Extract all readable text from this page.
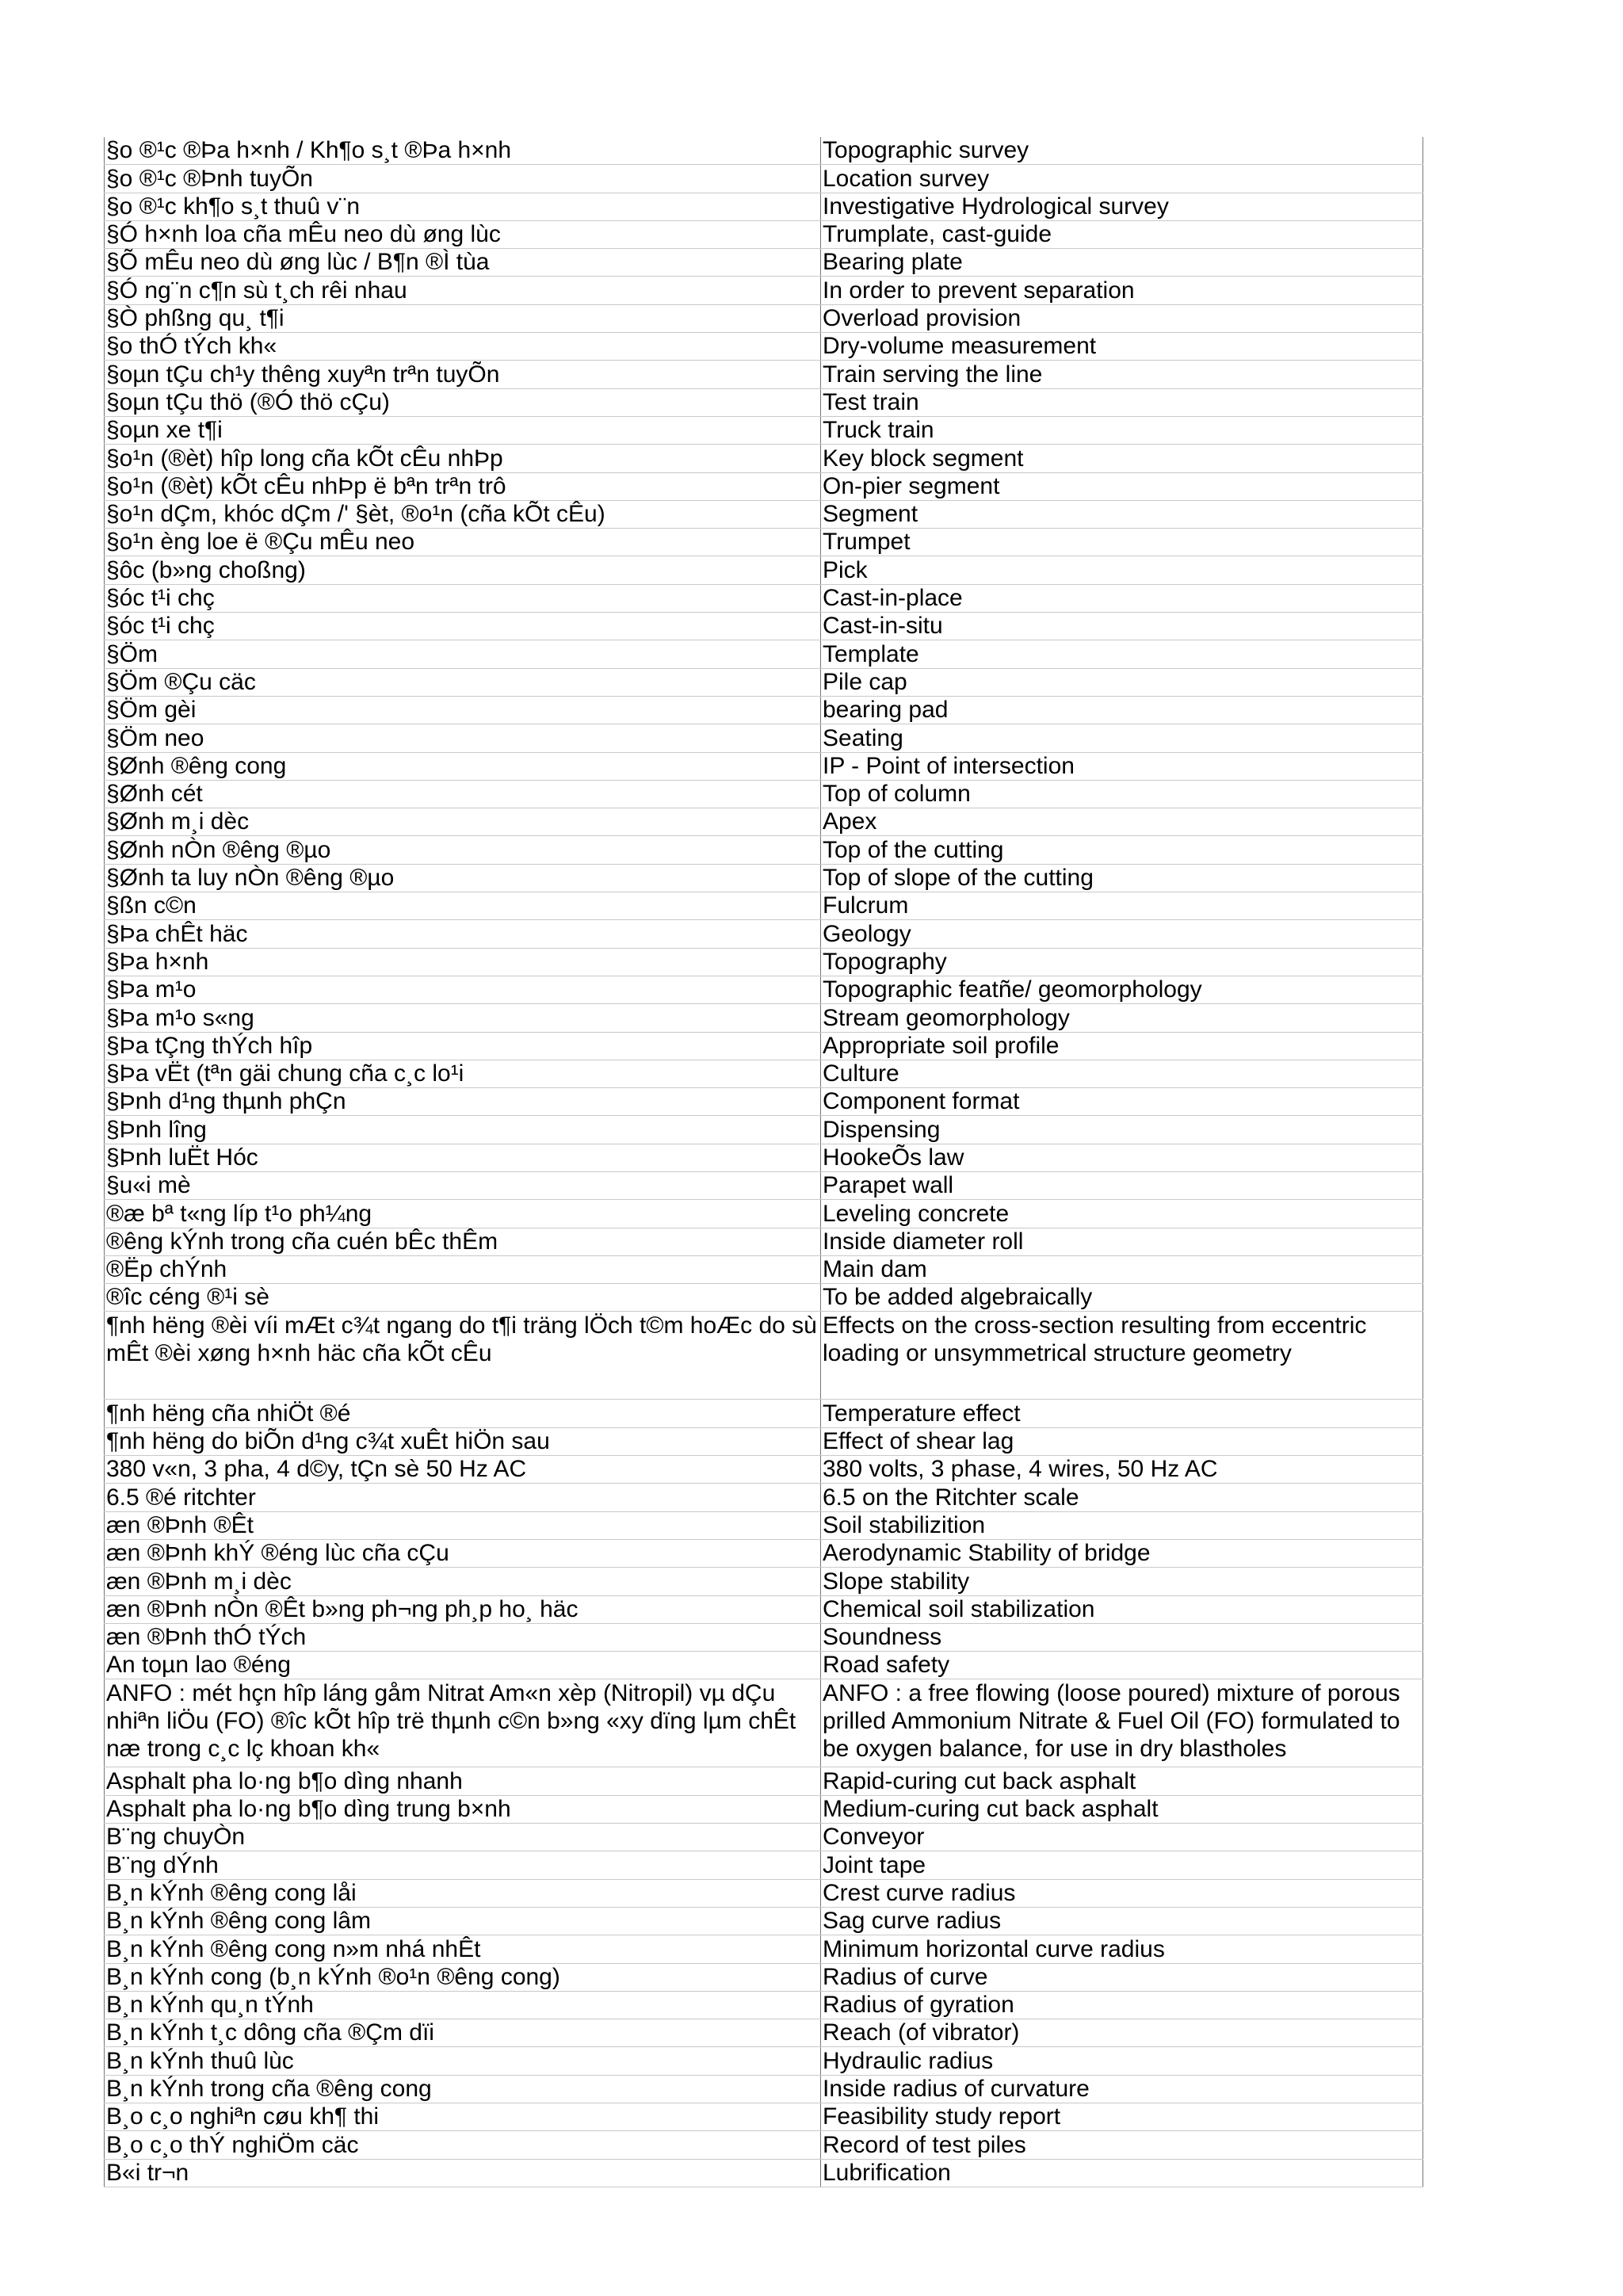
§o ®¹c ®Þa h×nh / Kh¶o s¸t ®Þa h×nh	Topographic survey
§o ®¹c ®Þnh tuyÕn	Location survey
§o ®¹c kh¶o s¸t thuû v¨n	Investigative Hydrological survey
§Ó h×nh loa cña mÊu neo dù øng lùc	Trumplate, cast-guide
§Õ mÊu neo dù øng lùc / B¶n ®Ì tùa	Bearing plate
§Ó ng¨n c¶n sù t¸ch rêi nhau	In order to prevent separation
§Ò phßng qu¸ t¶i	Overload provision
§o thÓ tÝch kh«	Dry-volume measurement
§oµn tÇu ch¹y thêng xuyªn trªn tuyÕn	Train serving the line
§oµn tÇu thö (®Ó thö cÇu)	Test train
§oµn xe t¶i	Truck train
§o¹n (®èt) hîp long cña kÕt cÊu nhÞp	Key block segment
§o¹n (®èt) kÕt cÊu nhÞp ë bªn trªn trô	On-pier segment
§o¹n dÇm, khóc dÇm /' §èt, ®o¹n (cña kÕt cÊu)	Segment
§o¹n èng loe ë ®Çu mÊu neo	Trumpet
§ôc (b»ng choßng)	Pick
§óc t¹i chç	Cast-in-place
§óc t¹i chç	Cast-in-situ
§Öm	Template
§Öm ®Çu cäc	Pile cap
§Öm gèi	bearing pad
§Öm neo	Seating
§Ønh ®êng cong	IP - Point of intersection
§Ønh cét	Top of column
§Ønh m¸i dèc	Apex
§Ønh nÒn ®êng ®µo	Top of the cutting
§Ønh ta luy nÒn ®êng ®µo	Top of slope of the cutting
§ßn c©n	Fulcrum
§Þa chÊt häc	Geology
§Þa h×nh	Topography
§Þa m¹o	Topographic featñe/ geomorphology
§Þa m¹o s«ng	Stream geomorphology
§Þa tÇng thÝch hîp	Appropriate soil profile
§Þa vËt (tªn gäi chung cña c¸c lo¹i	Culture
§Þnh d¹ng thµnh phÇn	Component format
§Þnh lîng	Dispensing
§Þnh luËt Hóc	HookeÕs law
§u«i mè	Parapet wall
®æ bª t«ng líp t¹o ph¼ng	Leveling concrete
®êng kÝnh trong cña cuén bÊc thÊm	Inside diameter roll
®Ëp chÝnh	Main dam
®îc céng ®¹i sè	To be added algebraically
¶nh hëng ®èi víi mÆt c¾t ngang do t¶i träng lÖch t©m hoÆc do sù mÊt ®èi xøng h×nh häc cña kÕt cÊu	Effects on the cross-section resulting from eccentric loading or unsymmetrical structure geometry
¶nh hëng cña nhiÖt ®é	Temperature effect
¶nh hëng do biÕn d¹ng c¾t xuÊt hiÖn sau	Effect of shear lag
380 v«n, 3 pha, 4 d©y, tÇn sè 50 Hz AC	380 volts, 3 phase, 4 wires, 50 Hz AC
6.5 ®é ritchter	6.5 on the Ritchter scale
æn ®Þnh ®Êt	Soil stabilizition
æn ®Þnh khÝ ®éng lùc cña cÇu	Aerodynamic Stability of bridge
æn ®Þnh m¸i dèc	Slope stability
æn ®Þnh nÒn ®Êt b»ng ph¬ng ph¸p ho¸ häc	Chemical soil stabilization
æn ®Þnh thÓ tÝch	Soundness
An toµn lao ®éng	Road safety
ANFO : mét hçn hîp láng gåm Nitrat Am«n xèp (Nitropil) vµ dÇu nhiªn liÖu (FO) ®îc kÕt hîp trë thµnh c©n b»ng «xy dïng lµm chÊt næ trong c¸c lç khoan kh«	ANFO : a free flowing (loose poured) mixture of porous prilled Ammonium Nitrate & Fuel Oil (FO) formulated to be oxygen balance, for use in dry blastholes
Asphalt pha lo·ng b¶o dìng nhanh	Rapid-curing cut back asphalt
Asphalt pha lo·ng b¶o dìng trung b×nh	Medium-curing cut back asphalt
B¨ng chuyÒn	Conveyor
B¨ng dÝnh	Joint tape
B¸n kÝnh ®êng cong låi	Crest curve radius
B¸n kÝnh ®êng cong lâm	Sag curve radius
B¸n kÝnh ®êng cong n»m nhá nhÊt	Minimum horizontal curve radius
B¸n kÝnh cong (b¸n kÝnh ®o¹n ®êng cong)	Radius of curve
B¸n kÝnh qu¸n tÝnh	Radius of gyration
B¸n kÝnh t¸c dông cña ®Çm dïi	Reach (of vibrator)
B¸n kÝnh thuû lùc	Hydraulic radius
B¸n kÝnh trong cña ®êng cong	Inside radius of curvature
B¸o c¸o nghiªn cøu kh¶ thi	Feasibility study report
B¸o c¸o thÝ nghiÖm cäc	Record of test piles
B«i tr¬n	Lubrification
